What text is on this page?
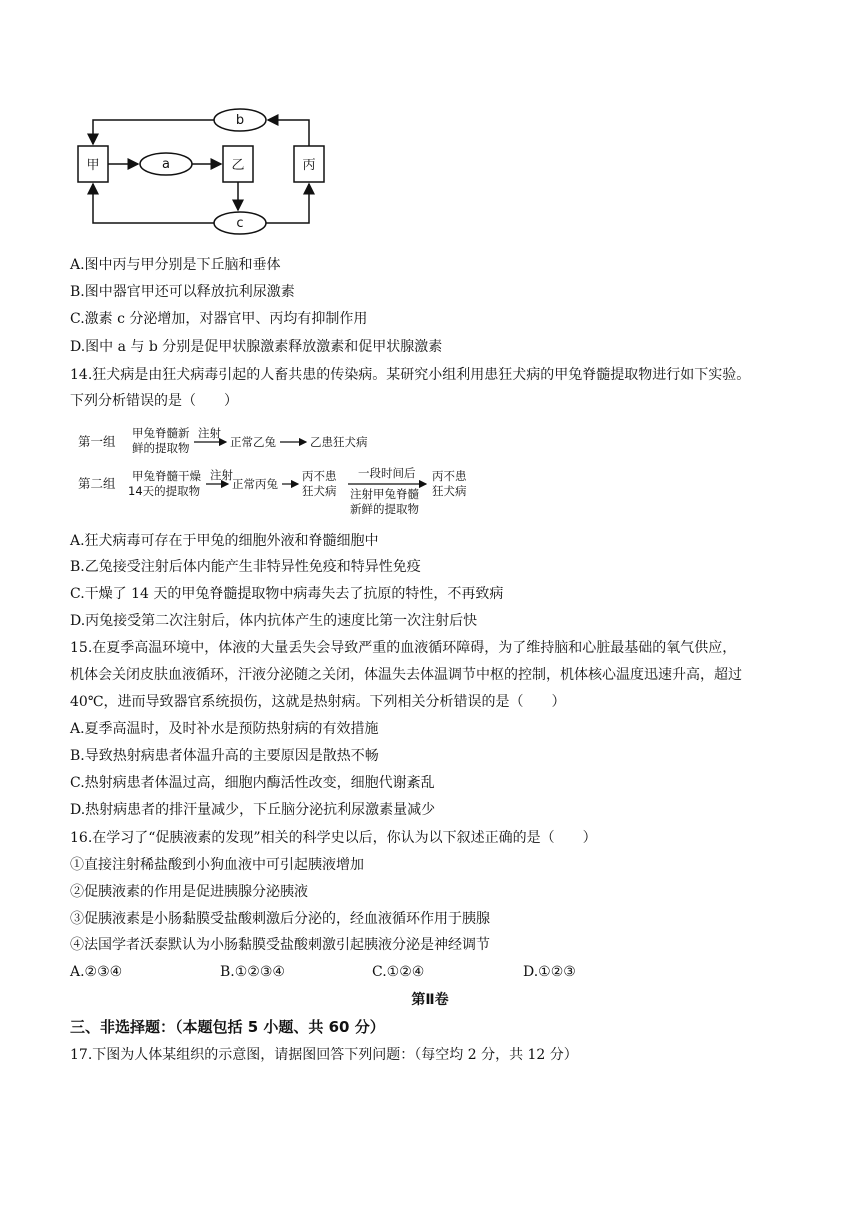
甲	乙	丙
a
b
c
A.图中丙与甲分别是下丘脑和垂体
B.图中器官甲还可以释放抗利尿激素
C.激素 c 分泌增加，对器官甲、丙均有抑制作用
D.图中 a 与 b 分别是促甲状腺激素释放激素和促甲状腺激素
14.狂犬病是由狂犬病毒引起的人畜共患的传染病。某研究小组利用患狂犬病的甲兔脊髓提取物进行如下实验。
下列分析错误的是（　　）
第一组
甲兔脊髓新
鲜的提取物
注射
正常乙兔	乙患狂犬病
第二组 甲兔脊髓干燥
14天的提取物
注射
正常丙兔
丙不患
狂犬病
一段时间后
注射甲兔脊髓
新鲜的提取物
丙不患
狂犬病
A.狂犬病毒可存在于甲兔的细胞外液和脊髓细胞中
B.乙兔接受注射后体内能产生非特异性免疫和特异性免疫
C.干燥了 14 天的甲兔脊髓提取物中病毒失去了抗原的特性，不再致病
D.丙兔接受第二次注射后，体内抗体产生的速度比第一次注射后快
15.在夏季高温环境中，体液的大量丢失会导致严重的血液循环障碍，为了维持脑和心脏最基础的氧气供应，
机体会关闭皮肤血液循环，汗液分泌随之关闭，体温失去体温调节中枢的控制，机体核心温度迅速升高，超过
40℃，进而导致器官系统损伤，这就是热射病。下列相关分析错误的是（　　）
A.夏季高温时，及时补水是预防热射病的有效措施
B.导致热射病患者体温升高的主要原因是散热不畅
C.热射病患者体温过高，细胞内酶活性改变，细胞代谢紊乱
D.热射病患者的排汗量减少，下丘脑分泌抗利尿激素量减少
16.在学习了“促胰液素的发现”相关的科学史以后，你认为以下叙述正确的是（　　）
①直接注射稀盐酸到小狗血液中可引起胰液增加
②促胰液素的作用是促进胰腺分泌胰液
③促胰液素是小肠黏膜受盐酸刺激后分泌的，经血液循环作用于胰腺
④法国学者沃泰默认为小肠黏膜受盐酸刺激引起胰液分泌是神经调节
A.②③④	B.①②③④	C.①②④	D.①②③
第Ⅱ卷
三、非选择题：（本题包括 5 小题、共 60 分）
17.下图为人体某组织的示意图，请据图回答下列问题：（每空均 2 分，共 12 分）
